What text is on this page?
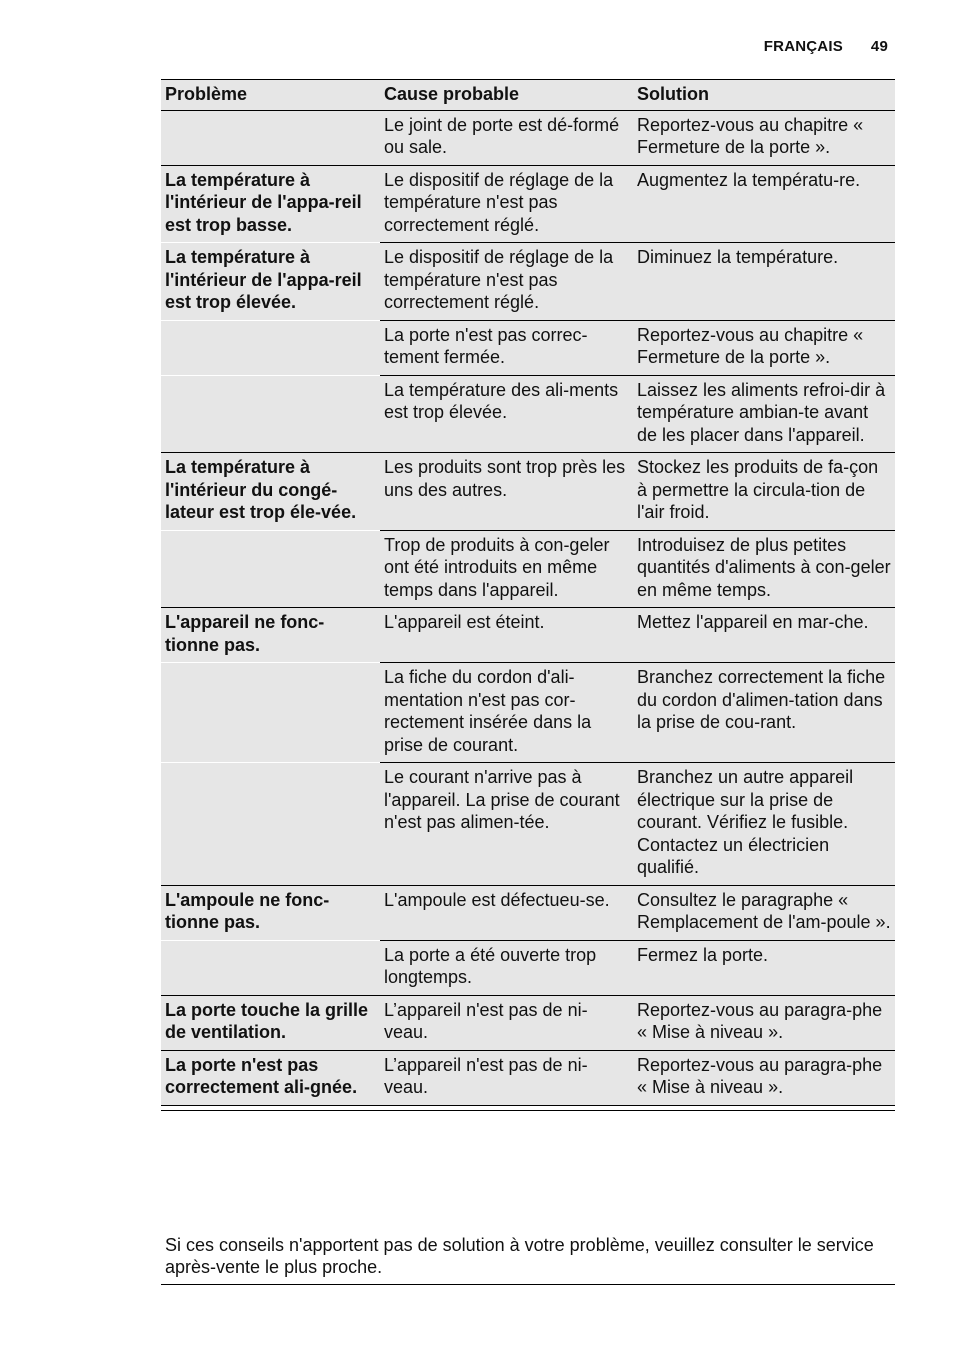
FRANÇAIS 49
Problème	Cause probable	Solution
	Le joint de porte est dé-formé ou sale.	Reportez-vous au chapitre « Fermeture de la porte ».
La température à l'intérieur de l'appa-reil est trop basse.	Le dispositif de réglage de la température n'est pas correctement réglé.	Augmentez la températu-re.
La température à l'intérieur de l'appa-reil est trop élevée.	Le dispositif de réglage de la température n'est pas correctement réglé.	Diminuez la température.
	La porte n'est pas correc-tement fermée.	Reportez-vous au chapitre « Fermeture de la porte ».
	La température des ali-ments est trop élevée.	Laissez les aliments refroi-dir à température ambian-te avant de les placer dans l'appareil.
La température à l'intérieur du congé-lateur est trop éle-vée.	Les produits sont trop près les uns des autres.	Stockez les produits de fa-çon à permettre la circula-tion de l'air froid.
	Trop de produits à con-geler ont été introduits en même temps dans l'appareil.	Introduisez de plus petites quantités d'aliments à con-geler en même temps.
L'appareil ne fonc-tionne pas.	L'appareil est éteint.	Mettez l'appareil en mar-che.
	La fiche du cordon d'ali-mentation n'est pas cor-rectement insérée dans la prise de courant.	Branchez correctement la fiche du cordon d'alimen-tation dans la prise de cou-rant.
	Le courant n'arrive pas à l'appareil. La prise de courant n'est pas alimen-tée.	Branchez un autre appareil électrique sur la prise de courant. Vérifiez le fusible. Contactez un électricien qualifié.
L'ampoule ne fonc-tionne pas.	L'ampoule est défectueu-se.	Consultez le paragraphe « Remplacement de l'am-poule ».
	La porte a été ouverte trop longtemps.	Fermez la porte.
La porte touche la grille de ventilation.	L’appareil n'est pas de ni-veau.	Reportez-vous au paragra-phe « Mise à niveau ».
La porte n'est pas correctement ali-gnée.	L’appareil n'est pas de ni-veau.	Reportez-vous au paragra-phe « Mise à niveau ».

Si ces conseils n'apportent pas de solution à votre problème, veuillez consulter le service après-vente le plus proche.
